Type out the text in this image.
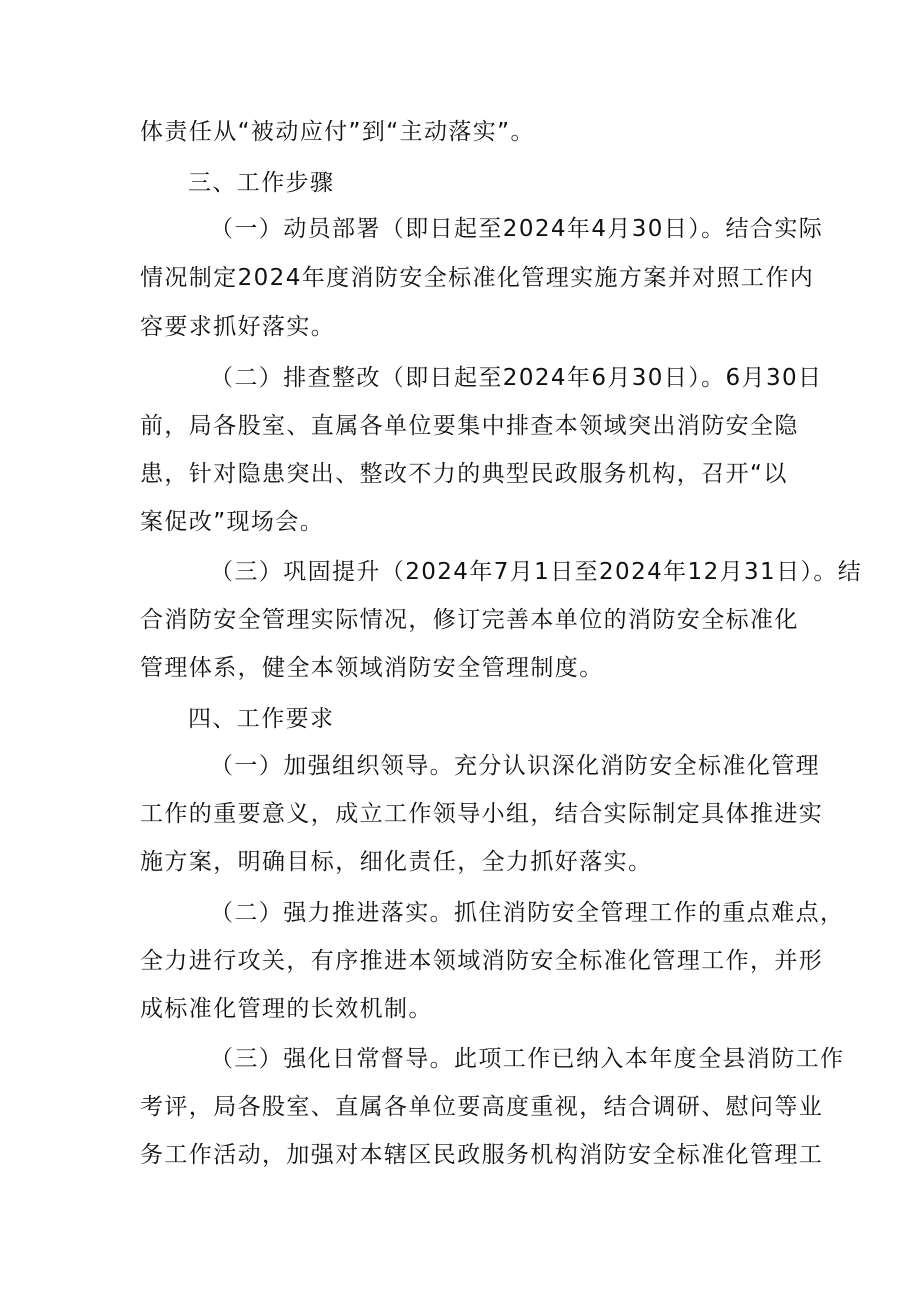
体责任从“被动应付”到“主动落实”。
三、工作步骤
（一）动员部署（即日起至2024年4月30日）。结合实际
情况制定2024年度消防安全标准化管理实施方案并对照工作内
容要求抓好落实。
（二）排查整改（即日起至2024年6月30日）。6月30日
前，局各股室、直属各单位要集中排查本领域突出消防安全隐
患，针对隐患突出、整改不力的典型民政服务机构，召开“以
案促改”现场会。
（三）巩固提升（2024年7月1日至2024年12月31日）。结
合消防安全管理实际情况，修订完善本单位的消防安全标准化
管理体系，健全本领域消防安全管理制度。
四、工作要求
（一）加强组织领导。充分认识深化消防安全标准化管理
工作的重要意义，成立工作领导小组，结合实际制定具体推进实
施方案，明确目标，细化责任，全力抓好落实。
（二）强力推进落实。抓住消防安全管理工作的重点难点，
全力进行攻关，有序推进本领域消防安全标准化管理工作，并形
成标准化管理的长效机制。
（三）强化日常督导。此项工作已纳入本年度全县消防工作
考评，局各股室、直属各单位要高度重视，结合调研、慰问等业
务工作活动，加强对本辖区民政服务机构消防安全标准化管理工
